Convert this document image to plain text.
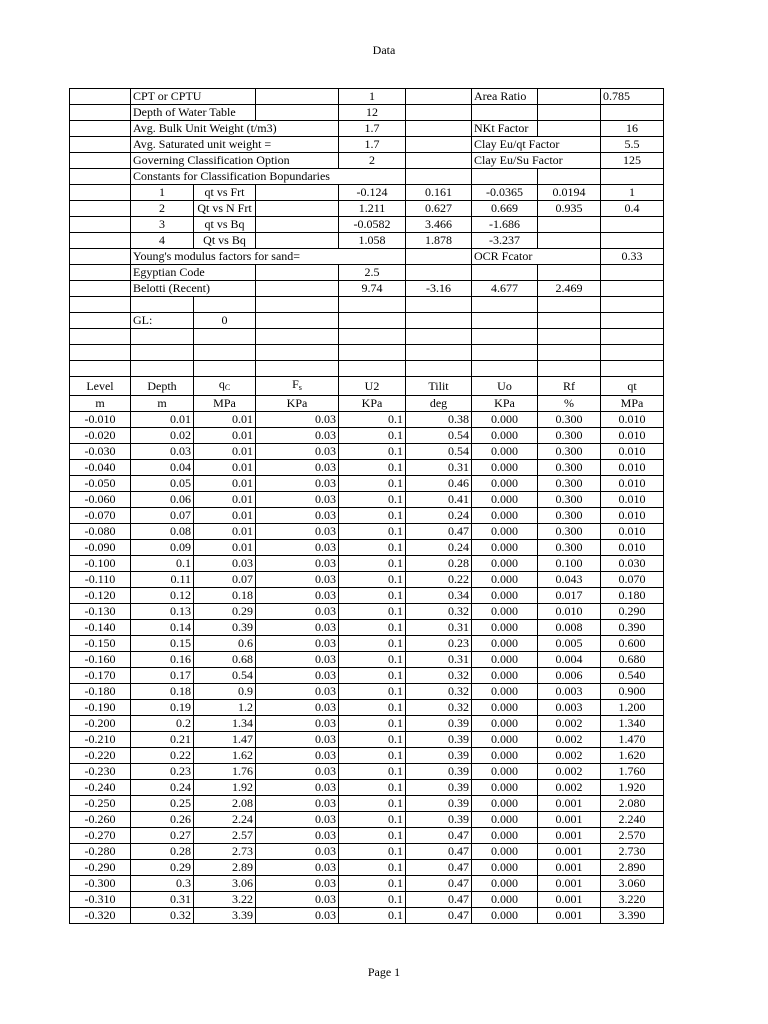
Data
	CPT or CPTU			1		Area Ratio		0.785
	Depth of Water Table			12				
	Avg. Bulk Unit Weight (t/m3)			1.7		NKt Factor		16
	Avg. Saturated unit weight =			1.7		Clay Eu/qt Factor		5.5
	Governing Classification Option			2		Clay Eu/Su Factor		125
	Constants for Classification Bopundaries							
	1	qt vs Frt		-0.124	0.161	-0.0365	0.0194	1
	2	Qt vs N Frt		1.211	0.627	0.669	0.935	0.4
	3	qt vs Bq		-0.0582	3.466	-1.686		
	4	Qt vs Bq		1.058	1.878	-3.237		
	Young's modulus factors for sand=					OCR Fcator		0.33
	Egyptian Code			2.5				
	Belotti (Recent)			9.74	-3.16	4.677	2.469	

	GL:	0						

Level	Depth	$q_C$	$F_s$	U2	Tilit	Uo	Rf	qt
m	m	MPa	KPa	KPa	deg	KPa	%	MPa
-0.010	0.01	0.01	0.03	0.1	0.38	0.000	0.300	0.010
-0.020	0.02	0.01	0.03	0.1	0.54	0.000	0.300	0.010
-0.030	0.03	0.01	0.03	0.1	0.54	0.000	0.300	0.010
-0.040	0.04	0.01	0.03	0.1	0.31	0.000	0.300	0.010
-0.050	0.05	0.01	0.03	0.1	0.46	0.000	0.300	0.010
-0.060	0.06	0.01	0.03	0.1	0.41	0.000	0.300	0.010
-0.070	0.07	0.01	0.03	0.1	0.24	0.000	0.300	0.010
-0.080	0.08	0.01	0.03	0.1	0.47	0.000	0.300	0.010
-0.090	0.09	0.01	0.03	0.1	0.24	0.000	0.300	0.010
-0.100	0.1	0.03	0.03	0.1	0.28	0.000	0.100	0.030
-0.110	0.11	0.07	0.03	0.1	0.22	0.000	0.043	0.070
-0.120	0.12	0.18	0.03	0.1	0.34	0.000	0.017	0.180
-0.130	0.13	0.29	0.03	0.1	0.32	0.000	0.010	0.290
-0.140	0.14	0.39	0.03	0.1	0.31	0.000	0.008	0.390
-0.150	0.15	0.6	0.03	0.1	0.23	0.000	0.005	0.600
-0.160	0.16	0.68	0.03	0.1	0.31	0.000	0.004	0.680
-0.170	0.17	0.54	0.03	0.1	0.32	0.000	0.006	0.540
-0.180	0.18	0.9	0.03	0.1	0.32	0.000	0.003	0.900
-0.190	0.19	1.2	0.03	0.1	0.32	0.000	0.003	1.200
-0.200	0.2	1.34	0.03	0.1	0.39	0.000	0.002	1.340
-0.210	0.21	1.47	0.03	0.1	0.39	0.000	0.002	1.470
-0.220	0.22	1.62	0.03	0.1	0.39	0.000	0.002	1.620
-0.230	0.23	1.76	0.03	0.1	0.39	0.000	0.002	1.760
-0.240	0.24	1.92	0.03	0.1	0.39	0.000	0.002	1.920
-0.250	0.25	2.08	0.03	0.1	0.39	0.000	0.001	2.080
-0.260	0.26	2.24	0.03	0.1	0.39	0.000	0.001	2.240
-0.270	0.27	2.57	0.03	0.1	0.47	0.000	0.001	2.570
-0.280	0.28	2.73	0.03	0.1	0.47	0.000	0.001	2.730
-0.290	0.29	2.89	0.03	0.1	0.47	0.000	0.001	2.890
-0.300	0.3	3.06	0.03	0.1	0.47	0.000	0.001	3.060
-0.310	0.31	3.22	0.03	0.1	0.47	0.000	0.001	3.220
-0.320	0.32	3.39	0.03	0.1	0.47	0.000	0.001	3.390
Page 1
